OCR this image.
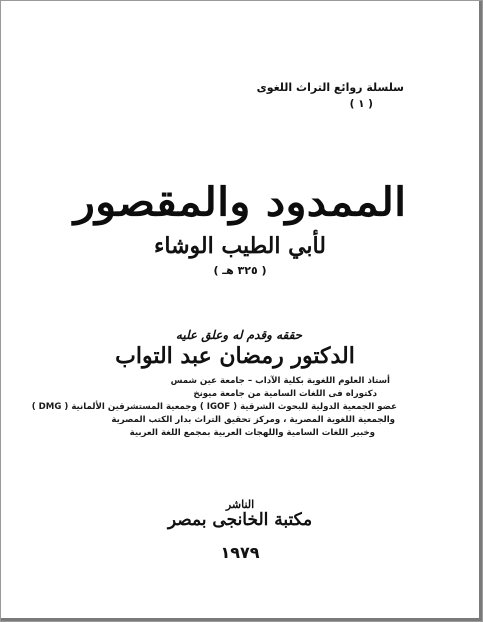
سلسلة روائع التراث اللغوى
( ١ )
الممدود والمقصور
لأبي الطيب الوشاء
( ٣٢٥ هـ )
حققه وقدم له وعلق عليه
الدكتور رمضان عبد التواب
أستاذ العلوم اللغوية بكلية الآداب – جامعة عين شمس
دكتوراه فى اللغات السامية من جامعة ميونخ
عضو الجمعية الدولية للبحوث الشرقية ( IGOF ) وجمعية المستشرقين الألمانية ( DMG )
والجمعية اللغوية المصرية ، ومركز تحقيق التراث بدار الكتب المصرية
وخبير اللغات السامية واللهجات العربية بمجمع اللغة العربية
الناشر
مكتبة الخانجى بمصر
١٩٧٩
